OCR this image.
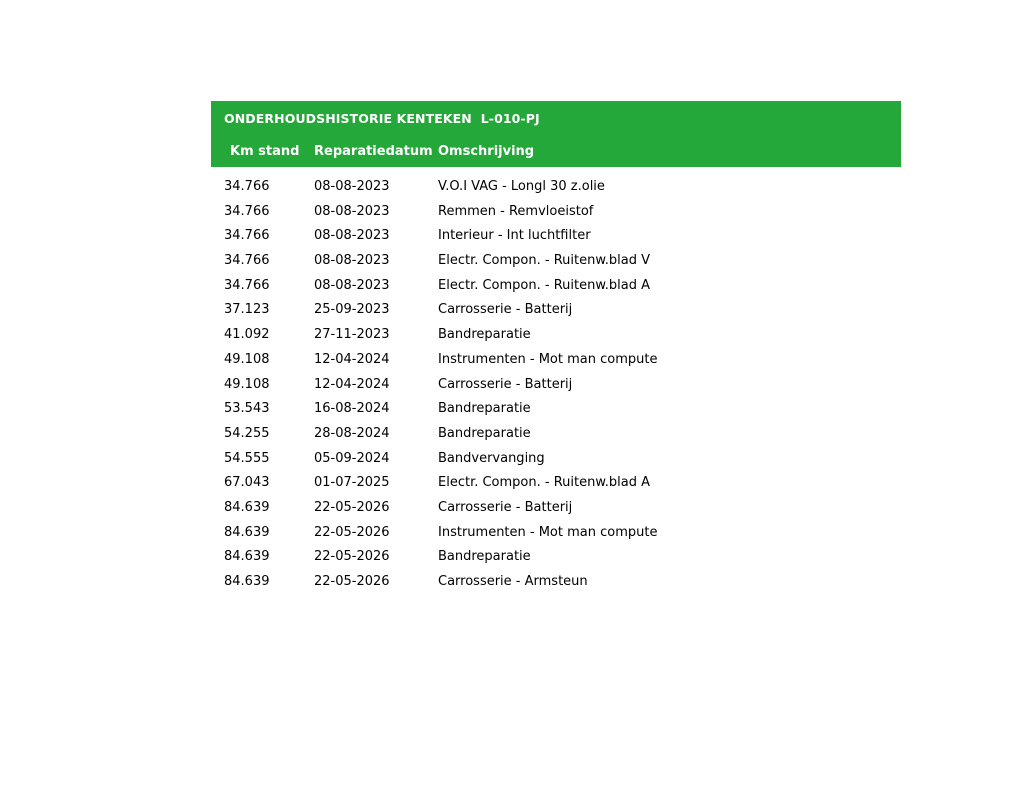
ONDERHOUDSHISTORIE KENTEKEN  L-010-PJ
Km stand Reparatiedatum Omschrijving
34.766	08-08-2023	V.O.I VAG - Longl 30 z.olie
34.766	08-08-2023	Remmen - Remvloeistof
34.766	08-08-2023	Interieur - Int luchtfilter
34.766	08-08-2023	Electr. Compon. - Ruitenw.blad V
34.766	08-08-2023	Electr. Compon. - Ruitenw.blad A
37.123	25-09-2023	Carrosserie - Batterij
41.092	27-11-2023	Bandreparatie
49.108	12-04-2024	Instrumenten - Mot man compute
49.108	12-04-2024	Carrosserie - Batterij
53.543	16-08-2024	Bandreparatie
54.255	28-08-2024	Bandreparatie
54.555	05-09-2024	Bandvervanging
67.043	01-07-2025	Electr. Compon. - Ruitenw.blad A
84.639	22-05-2026	Carrosserie - Batterij
84.639	22-05-2026	Instrumenten - Mot man compute
84.639	22-05-2026	Bandreparatie
84.639	22-05-2026	Carrosserie - Armsteun
